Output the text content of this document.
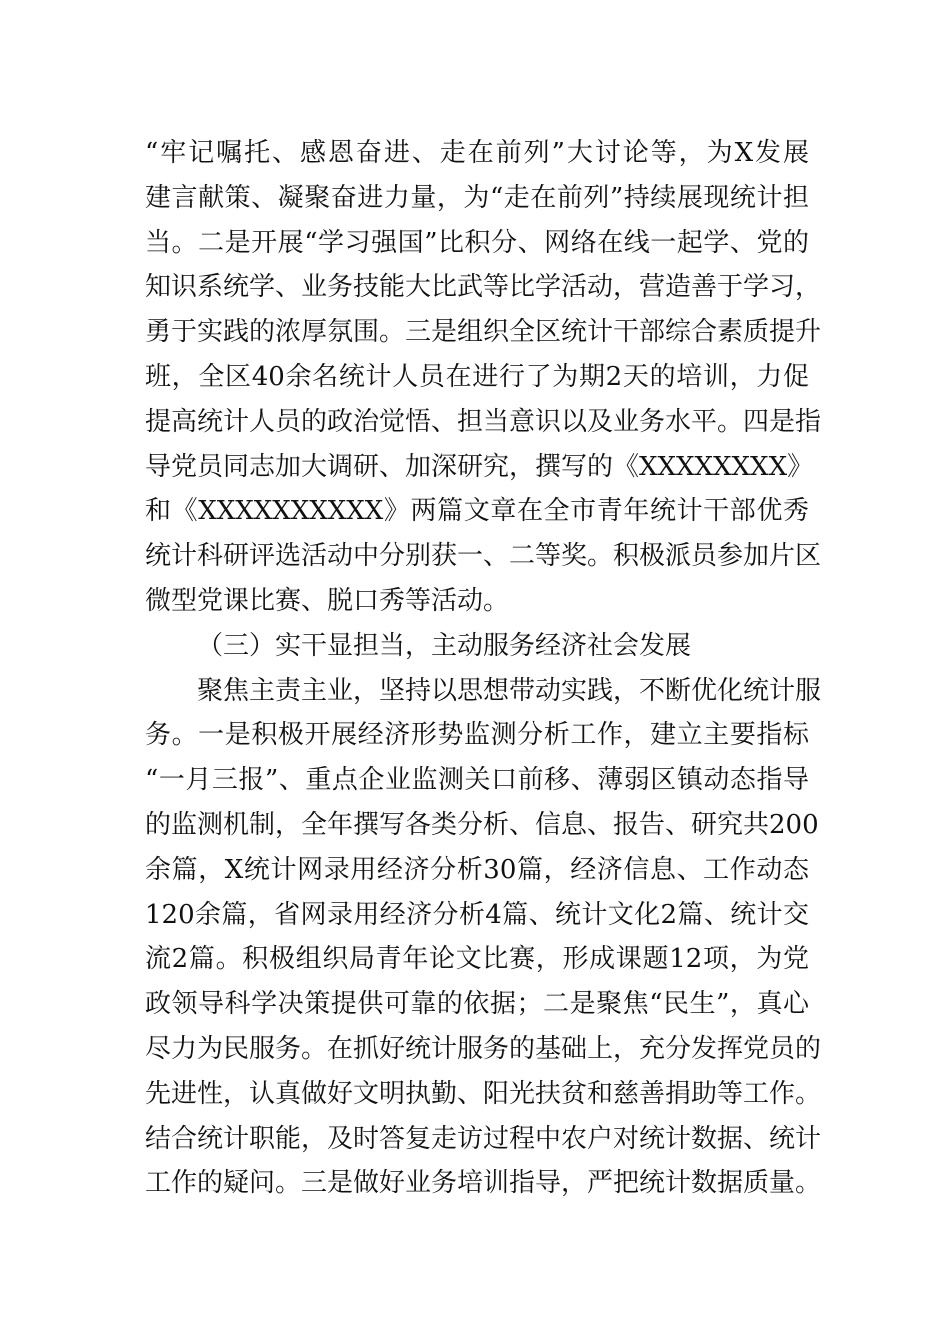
“牢记嘱托、感恩奋进、走在前列”大讨论等，为X发展
建言献策、凝聚奋进力量，为“走在前列”持续展现统计担
当。二是开展“学习强国”比积分、网络在线一起学、党的
知识系统学、业务技能大比武等比学活动，营造善于学习，
勇于实践的浓厚氛围。三是组织全区统计干部综合素质提升
班，全区40余名统计人员在进行了为期2天的培训，力促
提高统计人员的政治觉悟、担当意识以及业务水平。四是指
导党员同志加大调研、加深研究，撰写的《XXXXXXXX》
和《XXXXXXXXXX》两篇文章在全市青年统计干部优秀
统计科研评选活动中分别获一、二等奖。积极派员参加片区
微型党课比赛、脱口秀等活动。
（三）实干显担当，主动服务经济社会发展
聚焦主责主业，坚持以思想带动实践，不断优化统计服
务。一是积极开展经济形势监测分析工作，建立主要指标
“一月三报”、重点企业监测关口前移、薄弱区镇动态指导
的监测机制，全年撰写各类分析、信息、报告、研究共200
余篇，X统计网录用经济分析30篇，经济信息、工作动态
120余篇，省网录用经济分析4篇、统计文化2篇、统计交
流2篇。积极组织局青年论文比赛，形成课题12项，为党
政领导科学决策提供可靠的依据；二是聚焦“民生”，真心
尽力为民服务。在抓好统计服务的基础上，充分发挥党员的
先进性，认真做好文明执勤、阳光扶贫和慈善捐助等工作。
结合统计职能，及时答复走访过程中农户对统计数据、统计
工作的疑问。三是做好业务培训指导，严把统计数据质量。
